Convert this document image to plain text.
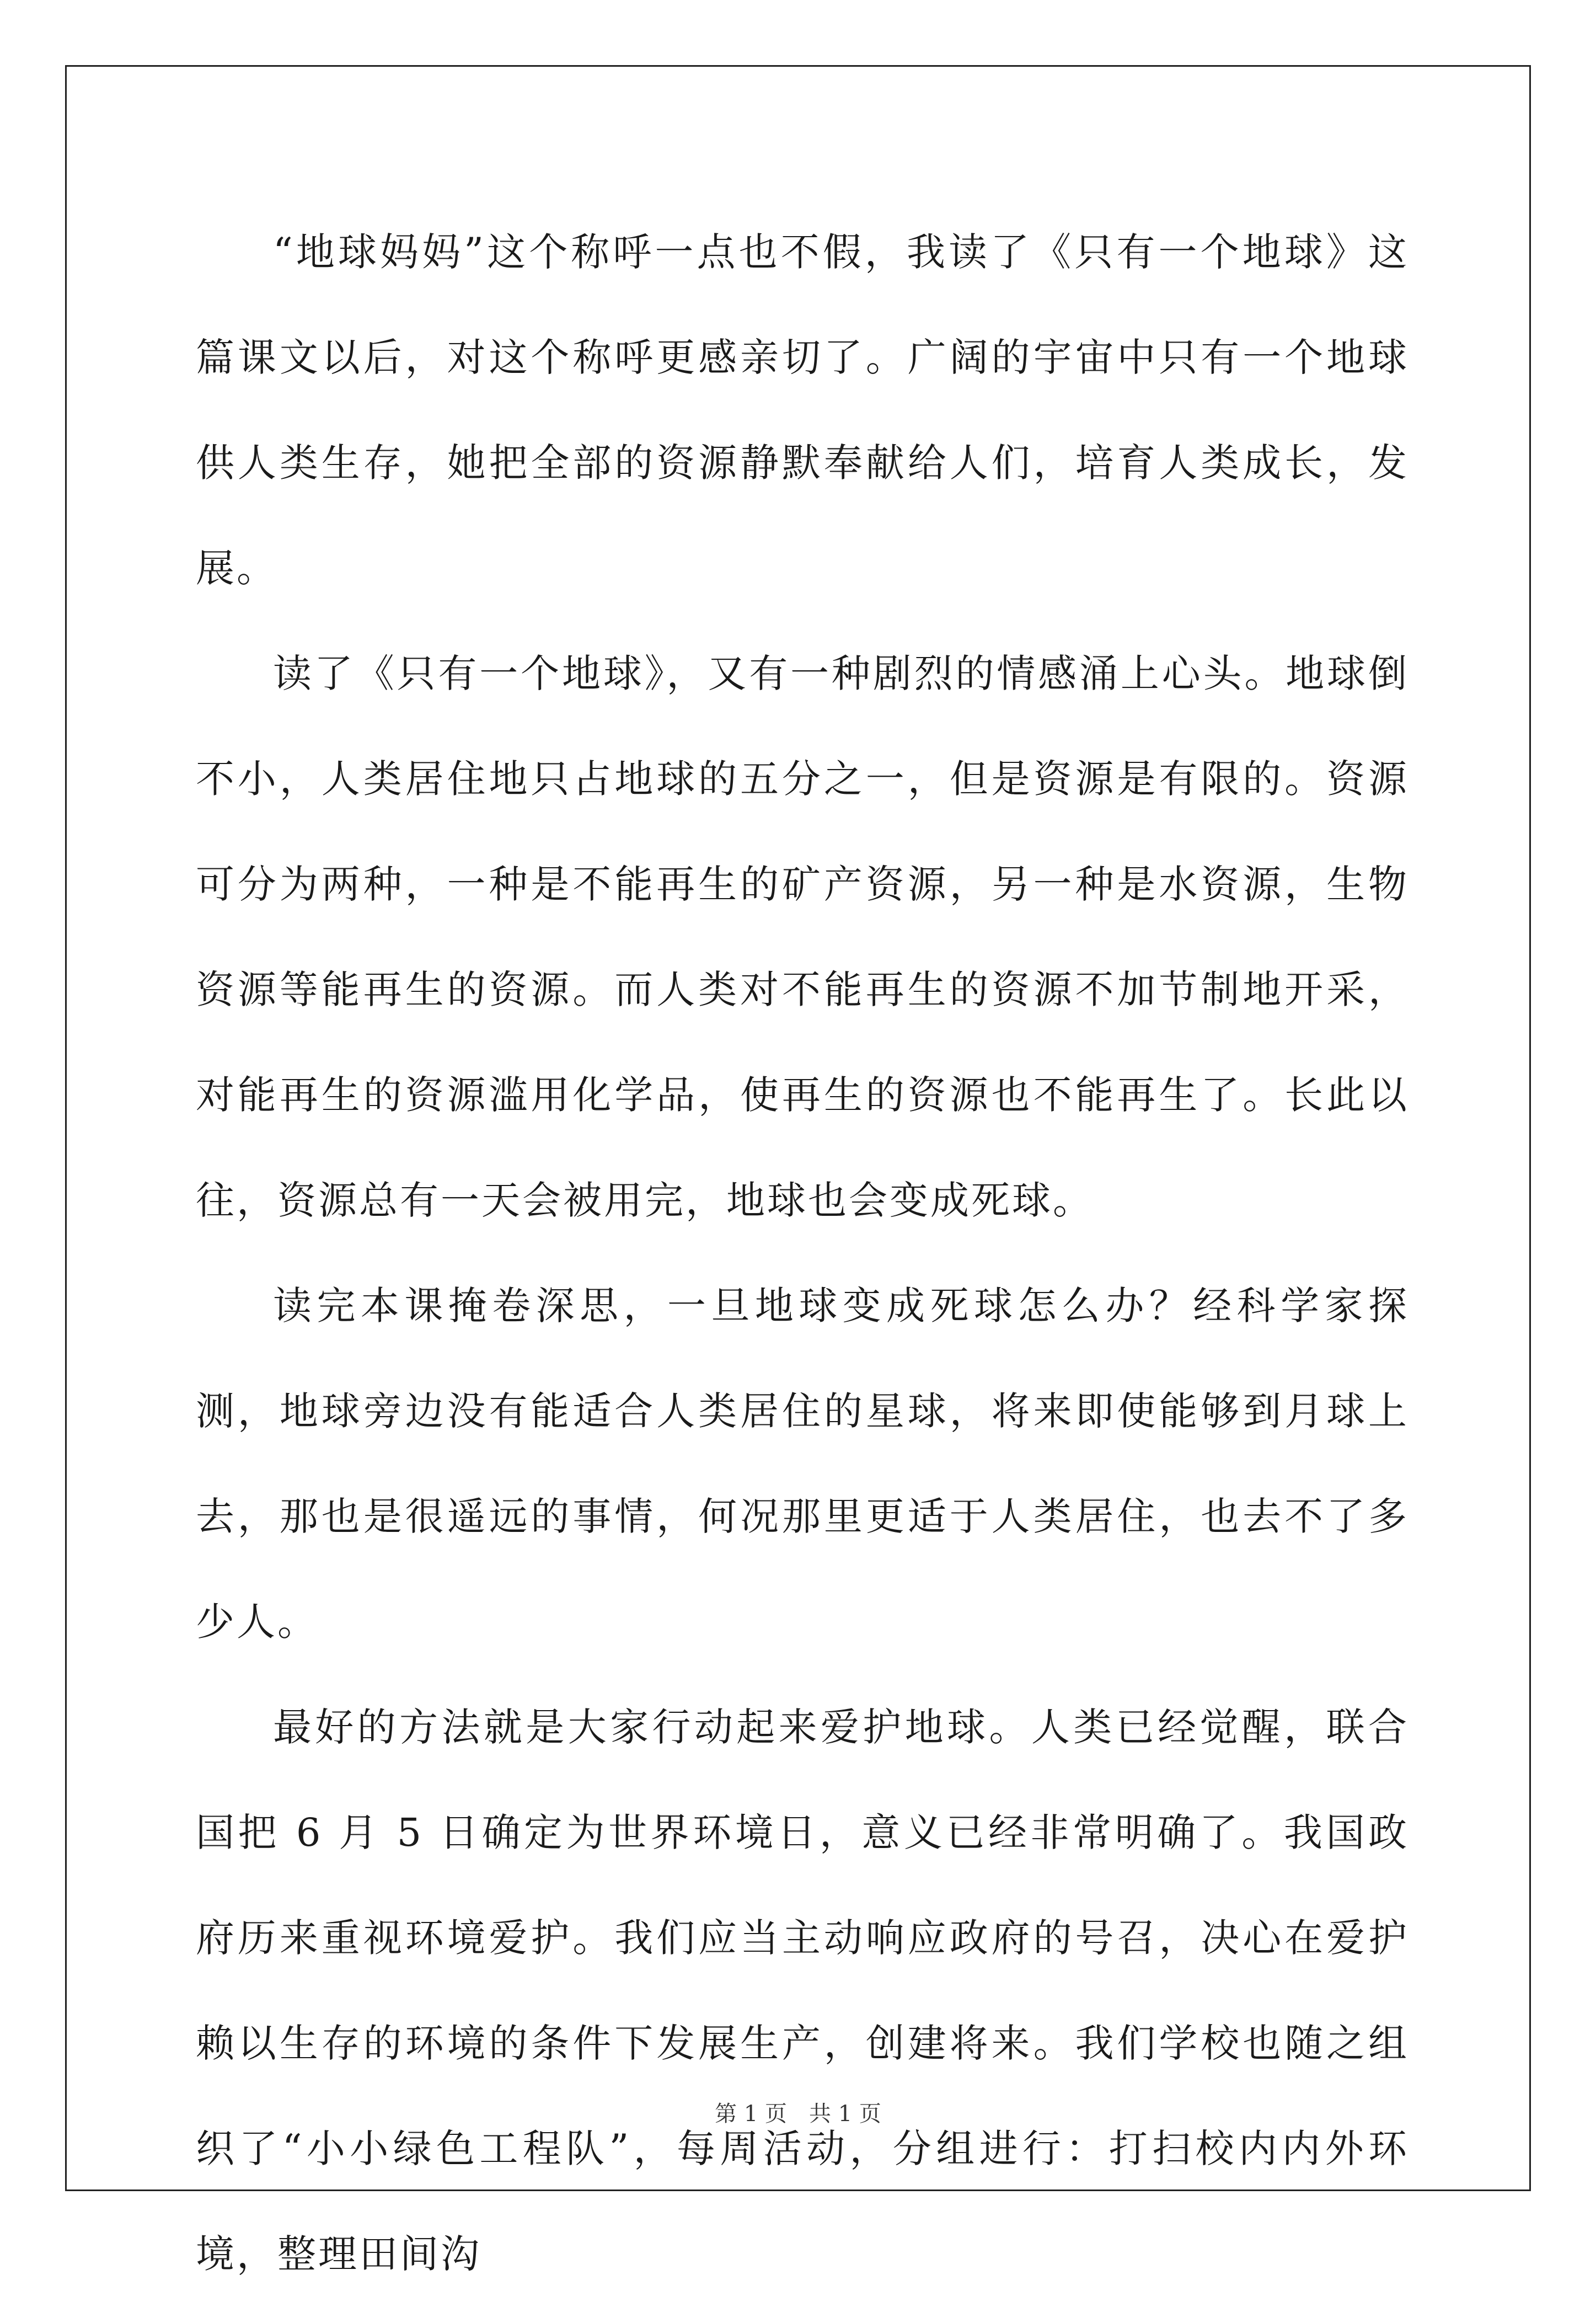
“地球妈妈”这个称呼一点也不假，我读了《只有一个地球》这篇课文以后，对这个称呼更感亲切了。广阔的宇宙中只有一个地球供人类生存，她把全部的资源静默奉献给人们，培育人类成长，发展。

读了《只有一个地球》，又有一种剧烈的情感涌上心头。地球倒不小，人类居住地只占地球的五分之一，但是资源是有限的。资源可分为两种，一种是不能再生的矿产资源，另一种是水资源，生物资源等能再生的资源。而人类对不能再生的资源不加节制地开采，对能再生的资源滥用化学品，使再生的资源也不能再生了。长此以往，资源总有一天会被用完，地球也会变成死球。

读完本课掩卷深思，一旦地球变成死球怎么办？经科学家探测，地球旁边没有能适合人类居住的星球，将来即使能够到月球上去，那也是很遥远的事情，何况那里更适于人类居住，也去不了多少人。

最好的方法就是大家行动起来爱护地球。人类已经觉醒，联合国把 6 月 5 日确定为世界环境日，意义已经非常明确了。我国政府历来重视环境爱护。我们应当主动响应政府的号召，决心在爱护赖以生存的环境的条件下发展生产，创建将来。我们学校也随之组织了“小小绿色工程队”，每周活动，分组进行：打扫校内内外环境，整理田间沟

第 1 页　共 1 页
